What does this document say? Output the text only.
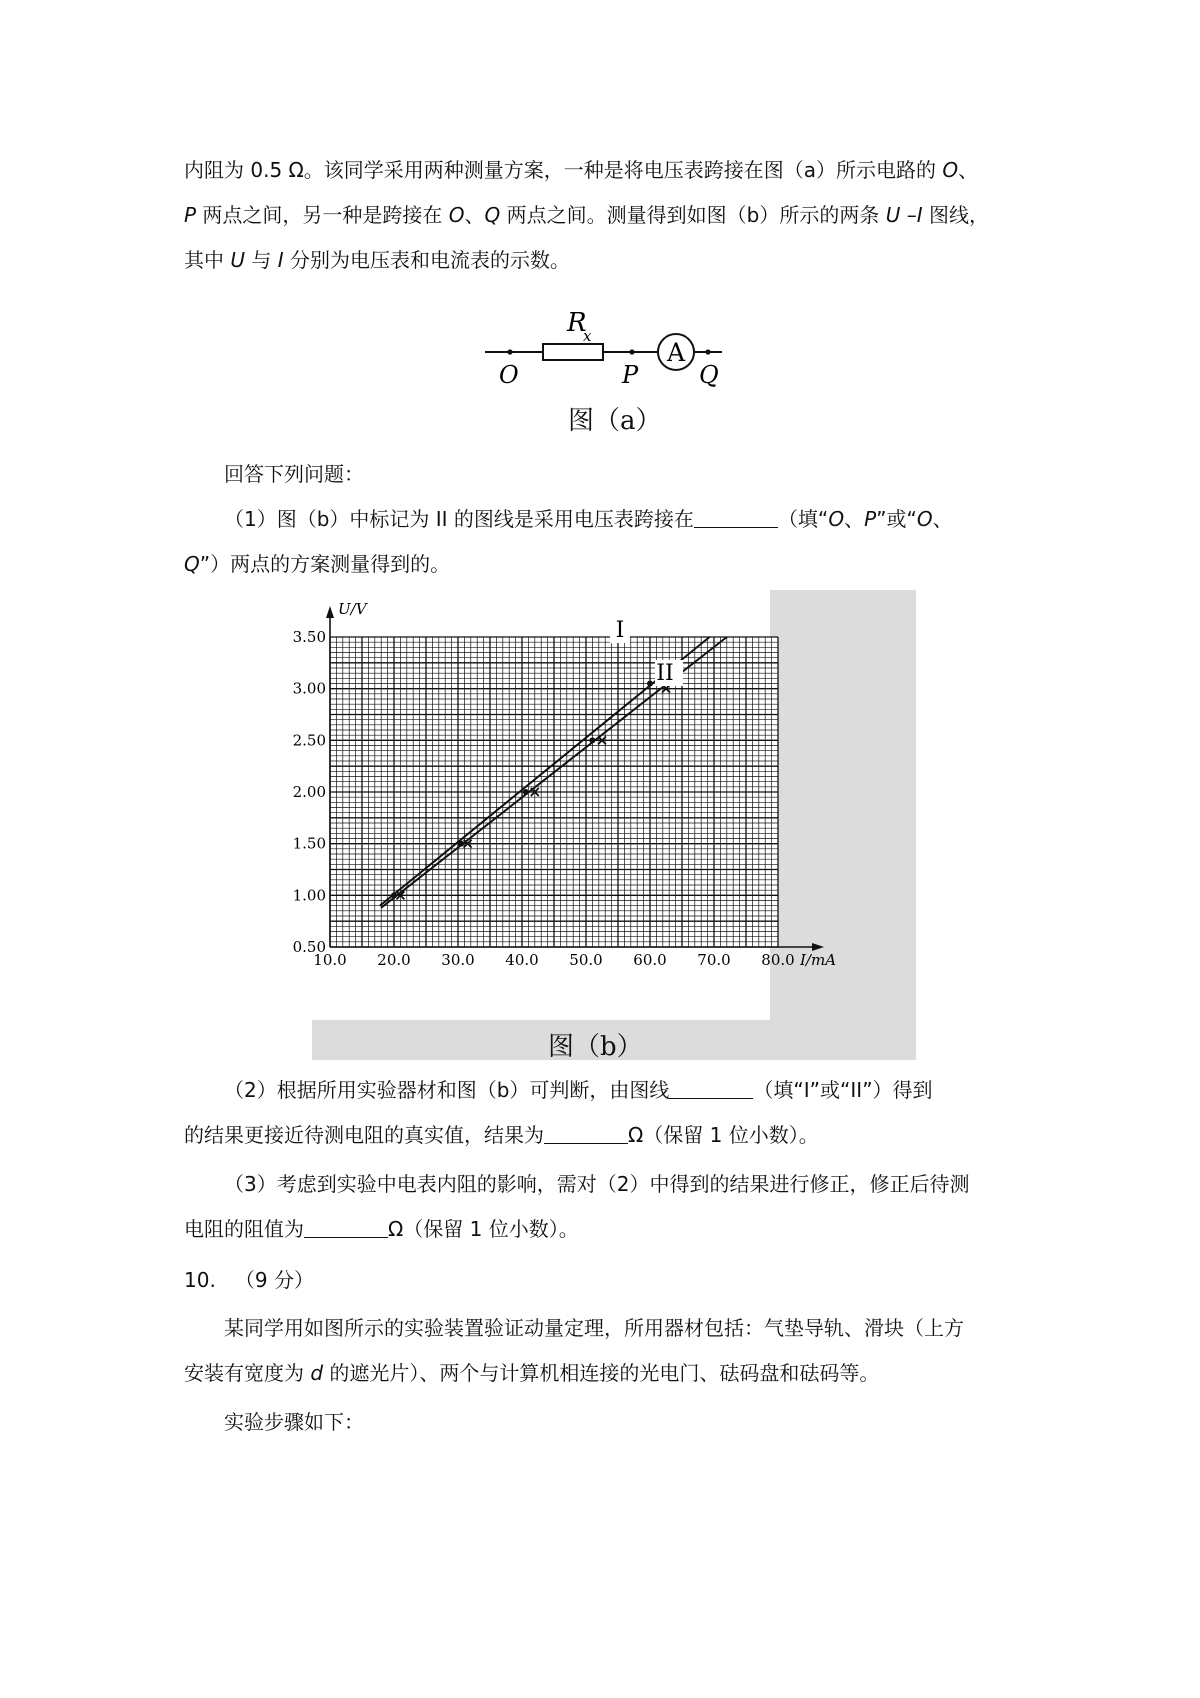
内阻为 0.5 Ω。该同学采用两种测量方案，一种是将电压表跨接在图（a）所示电路的 O、
P 两点之间，另一种是跨接在 O、Q 两点之间。测量得到如图（b）所示的两条 U –I 图线，
其中 U 与 I 分别为电压表和电流表的示数。

R
x
A
O	P	Q
图（a）

回答下列问题：

（1）图（b）中标记为 II 的图线是采用电压表跨接在	（填“O、P”或“O、
Q”）两点的方案测量得到的。

U/V
I/mA
10.0 20.0 30.0 40.0 50.0 60.0 70.0 80.0
0.50
1.00
1.50
2.00
2.50
3.00
3.50	I
II
图（b）

（2）根据所用实验器材和图（b）可判断，由图线	（填“I”或“II”）得到

的结果更接近待测电阻的真实值，结果为	Ω（保留 1 位小数）。

（3）考虑到实验中电表内阻的影响，需对（2）中得到的结果进行修正，修正后待测

电阻的阻值为	Ω（保留 1 位小数）。

10. （9 分）

某同学用如图所示的实验装置验证动量定理，所用器材包括：气垫导轨、滑块（上方
安装有宽度为 d 的遮光片）、两个与计算机相连接的光电门、砝码盘和砝码等。

实验步骤如下：
